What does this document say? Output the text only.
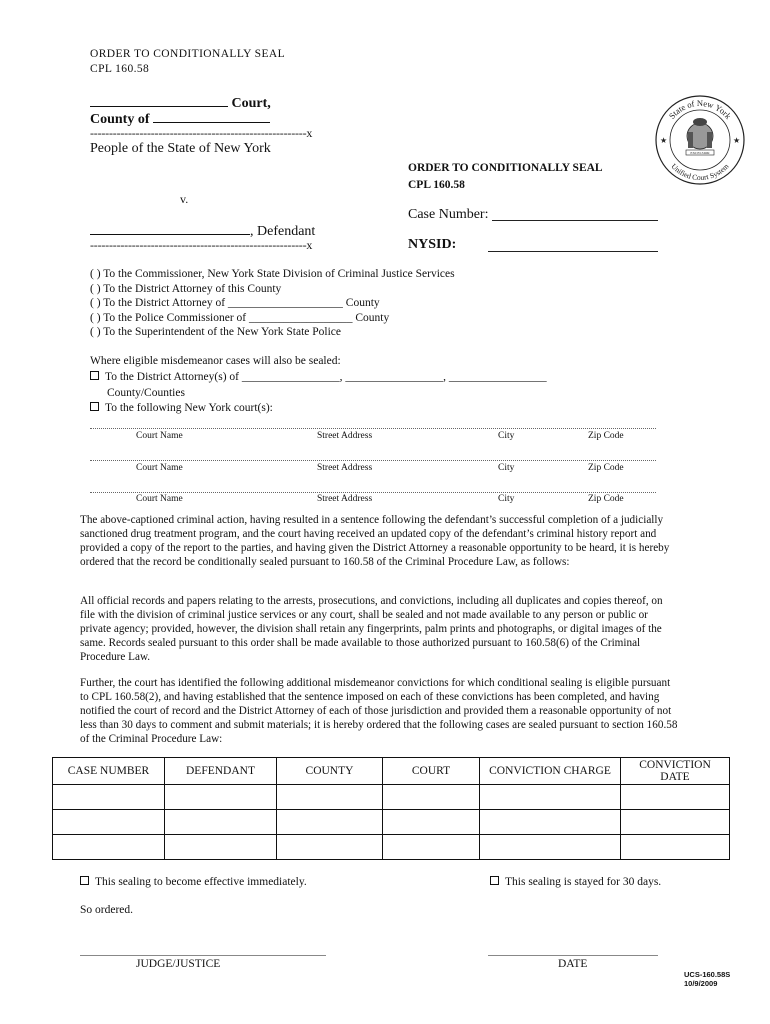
ORDER TO CONDITIONALLY SEAL
CPL 160.58
Court,
County of
---------------------------------------------------------x
People of the State of New York
v.
, Defendant
---------------------------------------------------------x
ORDER TO CONDITIONALLY SEAL
CPL 160.58
Case Number:
NYSID:
State of New York
Unified Court System
★	★
EXCELSIOR
( ) To the Commissioner, New York State Division of Criminal Justice Services
( ) To the District Attorney of this County
( ) To the District Attorney of ____________________ County
( ) To the Police Commissioner of __________________ County
( ) To the Superintendent of the New York State Police
Where eligible misdemeanor cases will also be sealed:
To the District Attorney(s) of _________________, _________________, _________________
County/Counties
To the following New York court(s):
Court Name	Street Address	City	Zip Code
Court Name	Street Address	City	Zip Code
Court Name	Street Address	City	Zip Code
The above-captioned criminal action, having resulted in a sentence following the defendant’s successful completion of a judicially sanctioned drug treatment program, and the court having received an updated copy of the defendant’s criminal history report and provided a copy of the report to the parties, and having given the District Attorney a reasonable opportunity to be heard, it is hereby ordered that the record be conditionally sealed pursuant to 160.58 of the Criminal Procedure Law, as follows:
All official records and papers relating to the arrests, prosecutions, and convictions, including all duplicates and copies thereof, on file with the division of criminal justice services or any court, shall be sealed and not made available to any person or public or private agency; provided, however, the division shall retain any fingerprints, palm prints and photographs, or digital images of the same. Records sealed pursuant to this order shall be made available to those authorized pursuant to 160.58(6) of the Criminal Procedure Law.
Further, the court has identified the following additional misdemeanor convictions for which conditional sealing is eligible pursuant to CPL 160.58(2), and having established that the sentence imposed on each of these convictions has been completed, and having notified the court of record and the District Attorney of each of those jurisdiction and provided them a reasonable opportunity of not less than 30 days to comment and submit materials; it is hereby ordered that the following cases are sealed pursuant to section 160.58 of the Criminal Procedure Law:
CASE NUMBER	DEFENDANT	COUNTY	COURT	CONVICTION CHARGE	CONVICTION DATE

This sealing to become effective immediately.	This sealing is stayed for 30 days.
So ordered.
JUDGE/JUSTICE	DATE
UCS-160.58S
10/9/2009
